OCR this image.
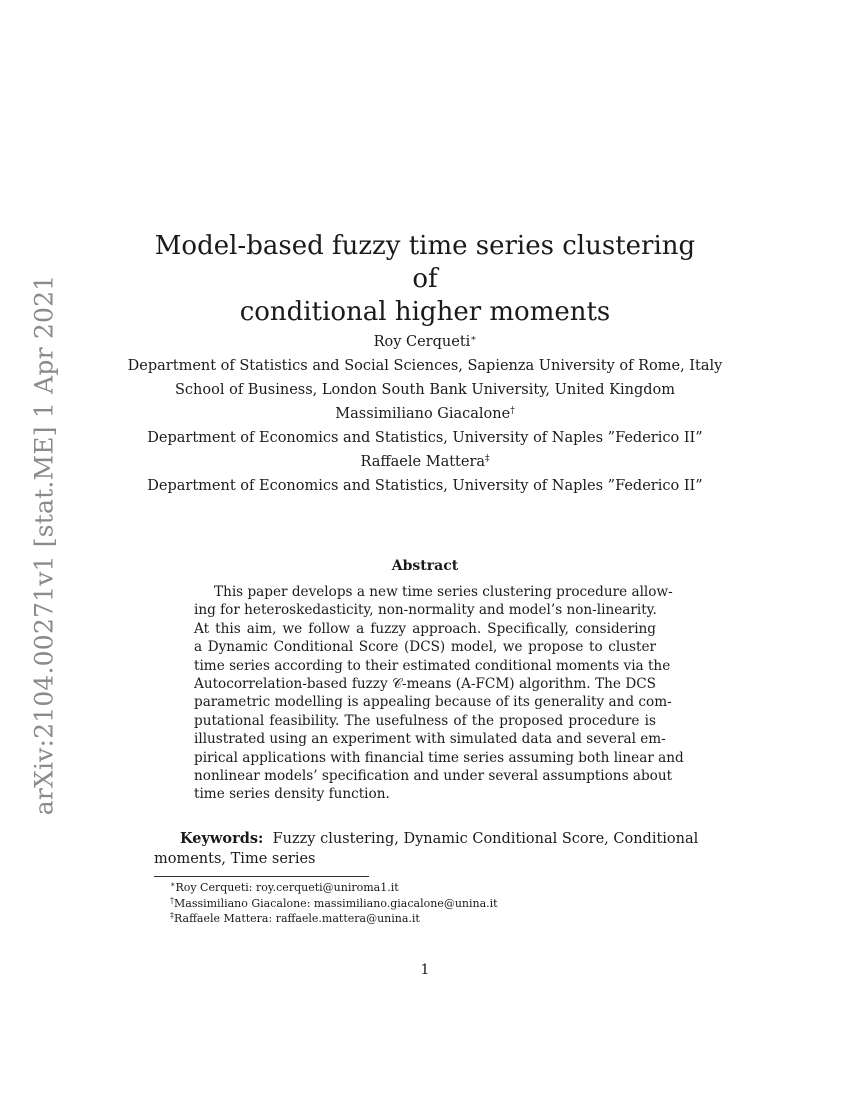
arXiv:2104.00271v1 [stat.ME] 1 Apr 2021
Model-based fuzzy time series clustering of
conditional higher moments
Roy Cerqueti∗
Department of Statistics and Social Sciences, Sapienza University of Rome, Italy
School of Business, London South Bank University, United Kingdom
Massimiliano Giacalone†
Department of Economics and Statistics, University of Naples ”Federico II”
Raffaele Mattera‡
Department of Economics and Statistics, University of Naples ”Federico II”
Abstract
This paper develops a new time series clustering procedure allow-
ing for heteroskedasticity, non-normality and model’s non-linearity.
At this aim, we follow a fuzzy approach. Specifically, considering
a Dynamic Conditional Score (DCS) model, we propose to cluster
time series according to their estimated conditional moments via the
Autocorrelation-based fuzzy 𝒞-means (A-FCM) algorithm. The DCS
parametric modelling is appealing because of its generality and com-
putational feasibility. The usefulness of the proposed procedure is
illustrated using an experiment with simulated data and several em-
pirical applications with financial time series assuming both linear and
nonlinear models’ specification and under several assumptions about
time series density function.
Keywords: Fuzzy clustering, Dynamic Conditional Score, Conditional
moments, Time series
∗Roy Cerqueti: roy.cerqueti@uniroma1.it
†Massimiliano Giacalone: massimiliano.giacalone@unina.it
‡Raffaele Mattera: raffaele.mattera@unina.it
1
